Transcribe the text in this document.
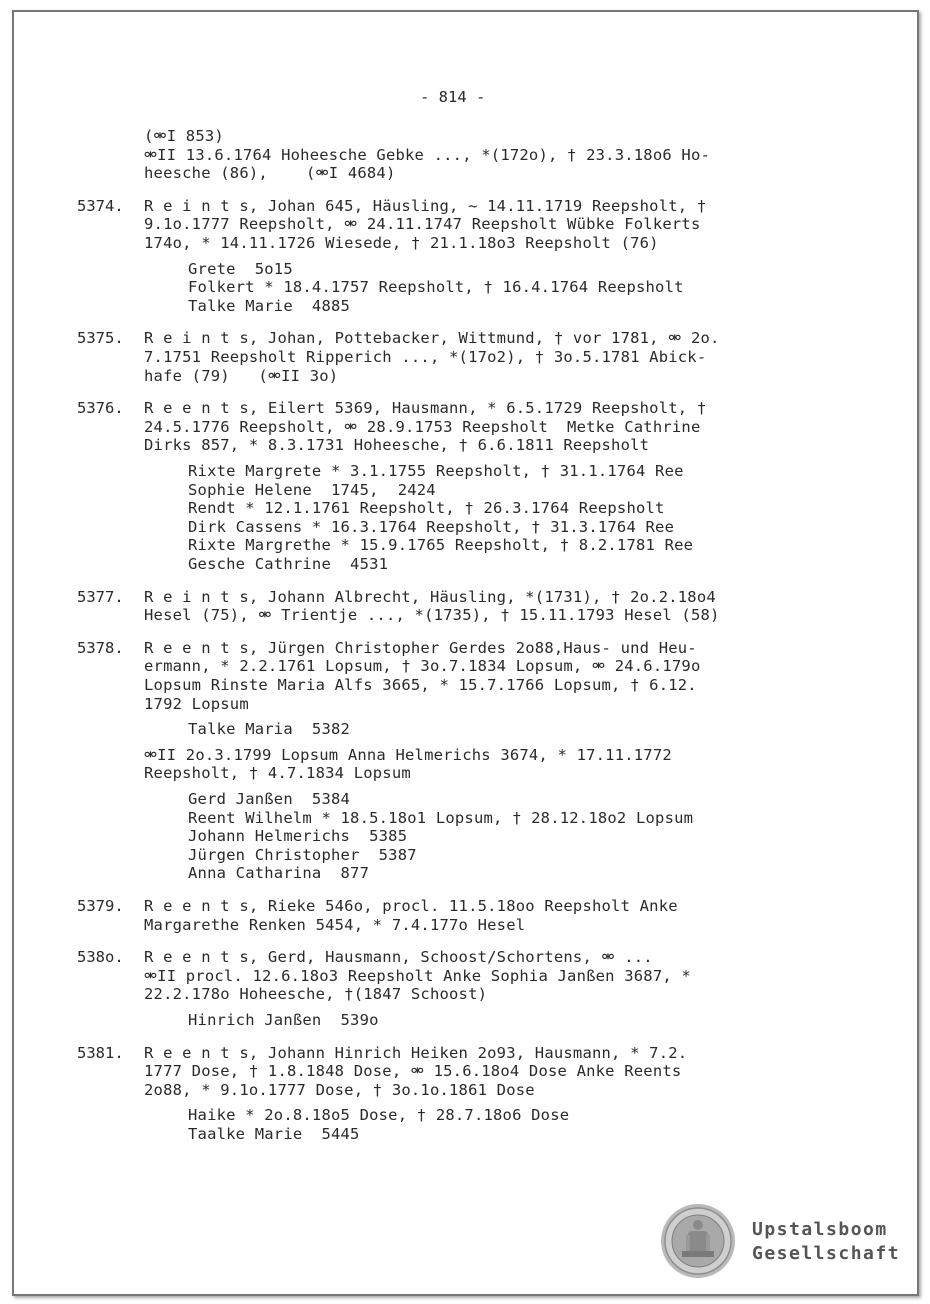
- 814 -
(⚮I 853)
⚮II 13.6.1764 Hoheesche Gebke ..., *(172o), † 23.3.18o6 Ho-
heesche (86),    (⚮I 4684)
5374. R e i n t s, Johan 645, Häusling, ~ 14.11.1719 Reepsholt, †
9.1o.1777 Reepsholt, ⚮ 24.11.1747 Reepsholt Wübke Folkerts
174o, * 14.11.1726 Wiesede, † 21.1.18o3 Reepsholt (76)
Grete  5o15
Folkert * 18.4.1757 Reepsholt, † 16.4.1764 Reepsholt
Talke Marie  4885
5375. R e i n t s, Johan, Pottebacker, Wittmund, † vor 1781, ⚮ 2o.
7.1751 Reepsholt Ripperich ..., *(17o2), † 3o.5.1781 Abick-
hafe (79)   (⚮II 3o)
5376. R e e n t s, Eilert 5369, Hausmann, * 6.5.1729 Reepsholt, †
24.5.1776 Reepsholt, ⚮ 28.9.1753 Reepsholt  Metke Cathrine
Dirks 857, * 8.3.1731 Hoheesche, † 6.6.1811 Reepsholt
Rixte Margrete * 3.1.1755 Reepsholt, † 31.1.1764 Ree
Sophie Helene  1745,  2424
Rendt * 12.1.1761 Reepsholt, † 26.3.1764 Reepsholt
Dirk Cassens * 16.3.1764 Reepsholt, † 31.3.1764 Ree
Rixte Margrethe * 15.9.1765 Reepsholt, † 8.2.1781 Ree
Gesche Cathrine  4531
5377. R e i n t s, Johann Albrecht, Häusling, *(1731), † 2o.2.18o4
Hesel (75), ⚮ Trientje ..., *(1735), † 15.11.1793 Hesel (58)
5378. R e e n t s, Jürgen Christopher Gerdes 2o88,Haus- und Heu-
ermann, * 2.2.1761 Lopsum, † 3o.7.1834 Lopsum, ⚮ 24.6.179o
Lopsum Rinste Maria Alfs 3665, * 15.7.1766 Lopsum, † 6.12.
1792 Lopsum
Talke Maria  5382
⚮II 2o.3.1799 Lopsum Anna Helmerichs 3674, * 17.11.1772
Reepsholt, † 4.7.1834 Lopsum
Gerd Janßen  5384
Reent Wilhelm * 18.5.18o1 Lopsum, † 28.12.18o2 Lopsum
Johann Helmerichs  5385
Jürgen Christopher  5387
Anna Catharina  877
5379. R e e n t s, Rieke 546o, procl. 11.5.18oo Reepsholt Anke
Margarethe Renken 5454, * 7.4.177o Hesel
538o. R e e n t s, Gerd, Hausmann, Schoost/Schortens, ⚮ ...
⚮II procl. 12.6.18o3 Reepsholt Anke Sophia Janßen 3687, *
22.2.178o Hoheesche, †(1847 Schoost)
Hinrich Janßen  539o
5381. R e e n t s, Johann Hinrich Heiken 2o93, Hausmann, * 7.2.
1777 Dose, † 1.8.1848 Dose, ⚮ 15.6.18o4 Dose Anke Reents
2o88, * 9.1o.1777 Dose, † 3o.1o.1861 Dose
Haike * 2o.8.18o5 Dose, † 28.7.18o6 Dose
Taalke Marie  5445
Upstalsboom
Gesellschaft
